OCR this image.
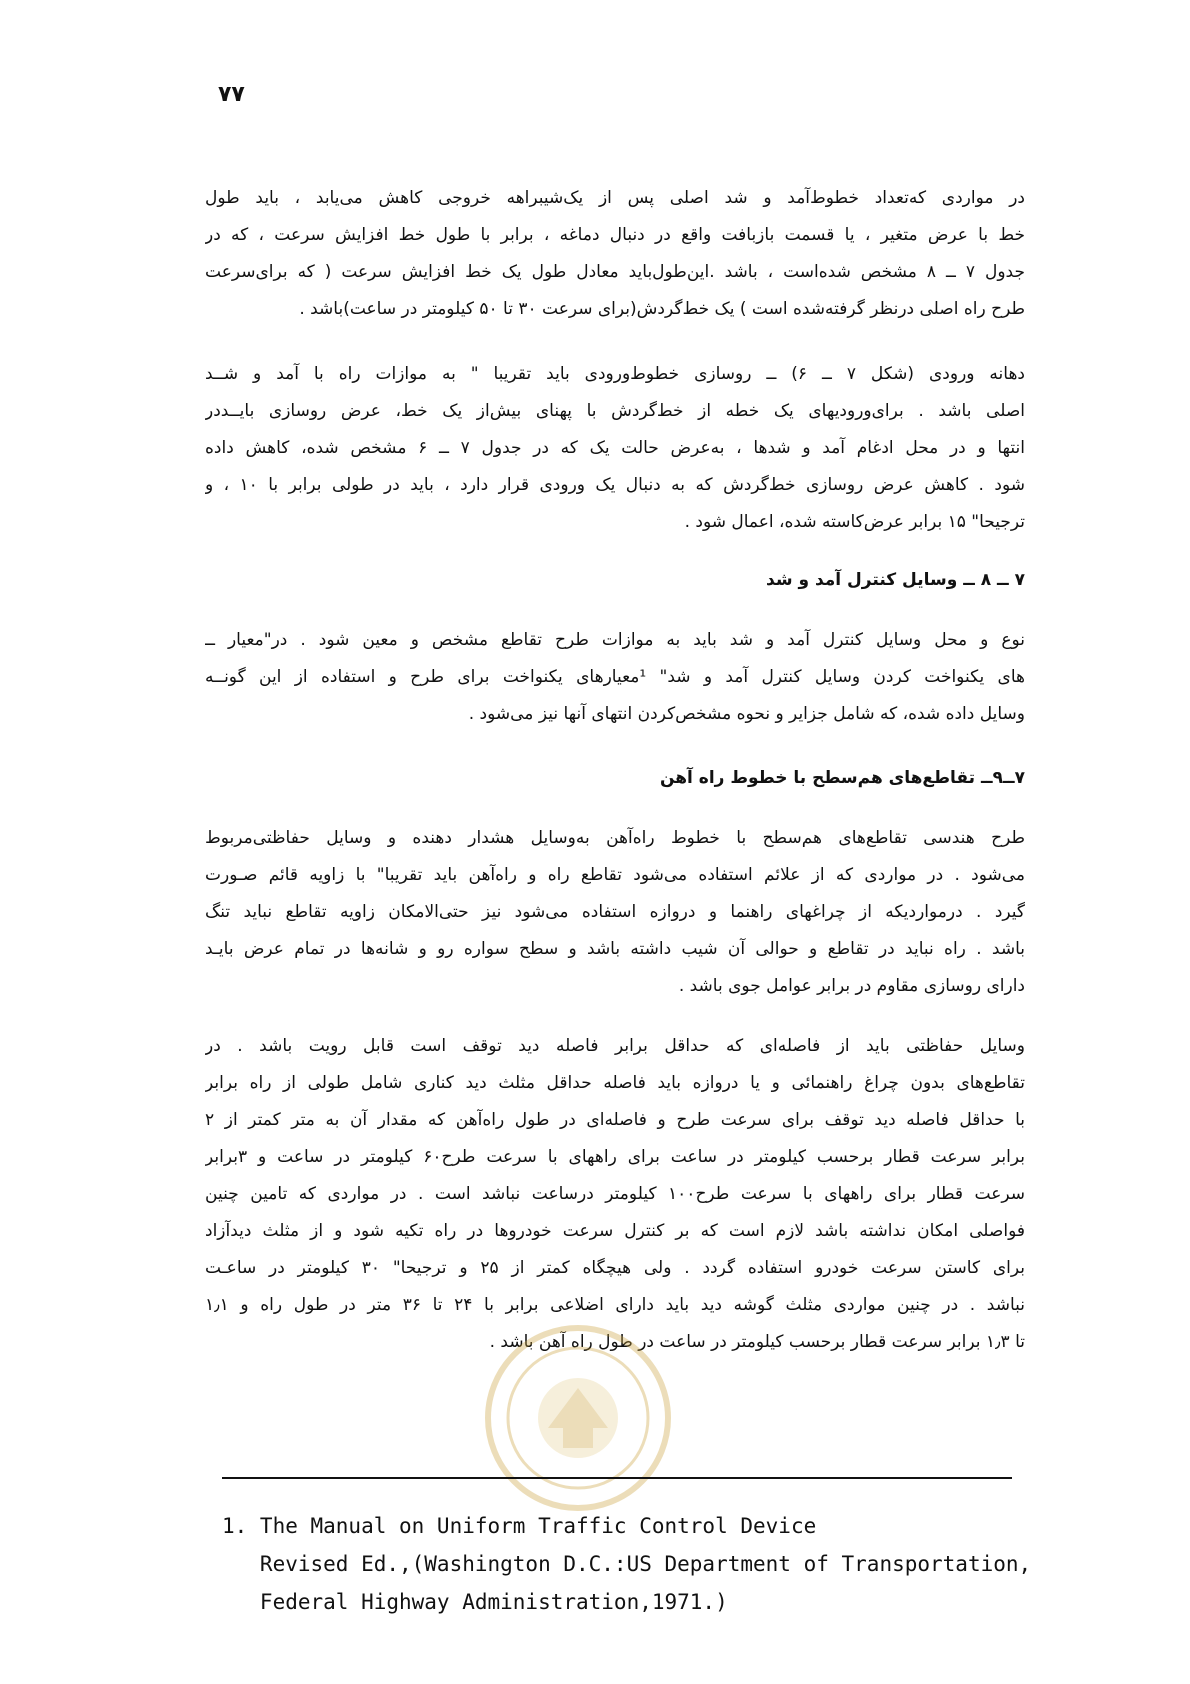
۷۷

در مواردی که‌تعداد خطوط‌آمد و شد اصلی پس از یک‌شیبراهه خروجی کاهش می‌یابد ، باید طول
خط با عرض متغیر ، یا قسمت بازبافت واقع در دنبال دماغه ، برابر با طول خط افزایش سرعت ، که در
جدول ۷ ــ ۸ مشخص شده‌است ، باشد .این‌طول‌باید معادل طول یک خط افزایش سرعت ( که برای‌سرعت
طرح راه اصلی درنظر گرفته‌شده است ) یک خط‌گردش(برای سرعت ۳۰ تا ۵۰ کیلومتر در ساعت)باشد .

دهانه ورودی (شکل ۷ ــ ۶) ــ روسازی خطوط‌ورودی باید تقریبا " به موازات راه با آمد و شــد
اصلی باشد . برای‌ورودیهای یک خطه از خط‌گردش با پهنای بیش‌از یک خط، عرض روسازی بایــددر
انتها و در محل ادغام آمد و شدها ، به‌عرض حالت یک که در جدول ۷ ــ ۶ مشخص شده، کاهش داده
شود . کاهش عرض روسازی خط‌گردش که به دنبال یک ورودی قرار دارد ، باید در طولی برابر با ۱۰ ، و
ترجیحا" ۱۵ برابر عرض‌کاسته شده، اعمال شود .

۷ ــ ۸ ــ وسایل کنترل آمد و شد

نوع و محل وسایل کنترل آمد و شد باید به موازات طرح تقاطع مشخص و معین شود . در"معیار ــ
های یکنواخت کردن وسایل کنترل آمد و شد" ¹معیارهای یکنواخت برای طرح و استفاده از این گونــه
وسایل داده شده، که شامل جزایر و نحوه مشخص‌کردن انتهای آنها نیز می‌شود .

۷ــ۹ــ تقاطع‌های هم‌سطح با خطوط راه آهن

طرح هندسی تقاطع‌های هم‌سطح با خطوط راه‌آهن به‌وسایل هشدار دهنده و وسایل حفاظتی‌مربوط
می‌شود . در مواردی که از علائم استفاده می‌شود تقاطع راه و راه‌آهن باید تقریبا" با زاویه قائم صـورت
گیرد . درمواردیکه از چراغهای راهنما و دروازه استفاده می‌شود نیز حتی‌الامکان زاویه تقاطع نباید تنگ
باشد . راه نباید در تقاطع و حوالی آن شیب داشته باشد و سطح سواره رو و شانه‌ها در تمام عرض بایـد
دارای روسازی مقاوم در برابر عوامل جوی باشد .

وسایل حفاظتی باید از فاصله‌ای که حداقل برابر فاصله دید توقف است قابل رویت باشد . در
تقاطع‌های بدون چراغ راهنمائی و یا دروازه باید فاصله حداقل مثلث دید کناری شامل طولی از راه برابر
با حداقل فاصله دید توقف برای سرعت طرح و فاصله‌ای در طول راه‌آهن که مقدار آن به متر کمتر از ۲
برابر سرعت قطار برحسب کیلومتر در ساعت برای راههای با سرعت طرح۶۰ کیلومتر در ساعت و ۳برابر
سرعت قطار برای راههای با سرعت طرح۱۰۰ کیلومتر درساعت نباشد است . در مواردی که تامین چنین
فواصلی امکان نداشته باشد لازم است که بر کنترل سرعت خودروها در راه تکیه شود و از مثلث دیدآزاد
برای کاستن سرعت خودرو استفاده گردد . ولی هیچگاه کمتر از ۲۵ و ترجیحا" ۳۰ کیلومتر در ساعـت
نباشد . در چنین مواردی مثلث گوشه دید باید دارای اضلاعی برابر با ۲۴ تا ۳۶ متر در طول راه و ۱٫۱
تا ۱٫۳ برابر سرعت قطار برحسب کیلومتر در ساعت در طول راه آهن باشد .

1. The Manual on Uniform Traffic Control Device
Revised Ed.,(Washington D.C.:US Department of Transportation,
Federal Highway Administration,1971.)
